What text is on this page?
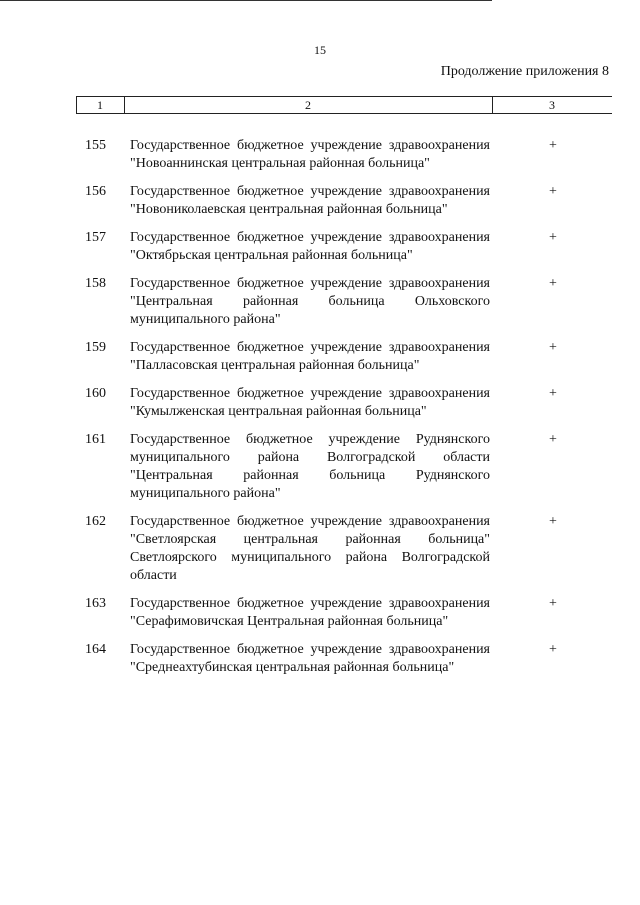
15
Продолжение приложения 8
1	2	3
155 Государственное бюджетное учреждение здравоохранения "Новоаннинская центральная районная больница"
+
156 Государственное бюджетное учреждение здравоохранения "Новониколаевская центральная районная больница"
+
157 Государственное бюджетное учреждение здравоохранения "Октябрьская центральная районная больница"
+
158 Государственное бюджетное учреждение здравоохранения "Центральная районная больница Ольховского муниципального района"
+
159 Государственное бюджетное учреждение здравоохранения "Палласовская центральная районная больница"
+
160 Государственное бюджетное учреждение здравоохранения "Кумылженская центральная районная больница"
+
161 Государственное бюджетное учреждение Руднянского муниципального района Волгоградской области "Центральная районная больница Руднянского муниципального района"
+
162 Государственное бюджетное учреждение здравоохранения "Светлоярская центральная районная больница" Светлоярского муниципального района Волгоградской области
+
163 Государственное бюджетное учреждение здравоохранения "Серафимовичская Центральная районная больница"
+
164 Государственное бюджетное учреждение здравоохранения "Среднеахтубинская центральная районная больница"
+
